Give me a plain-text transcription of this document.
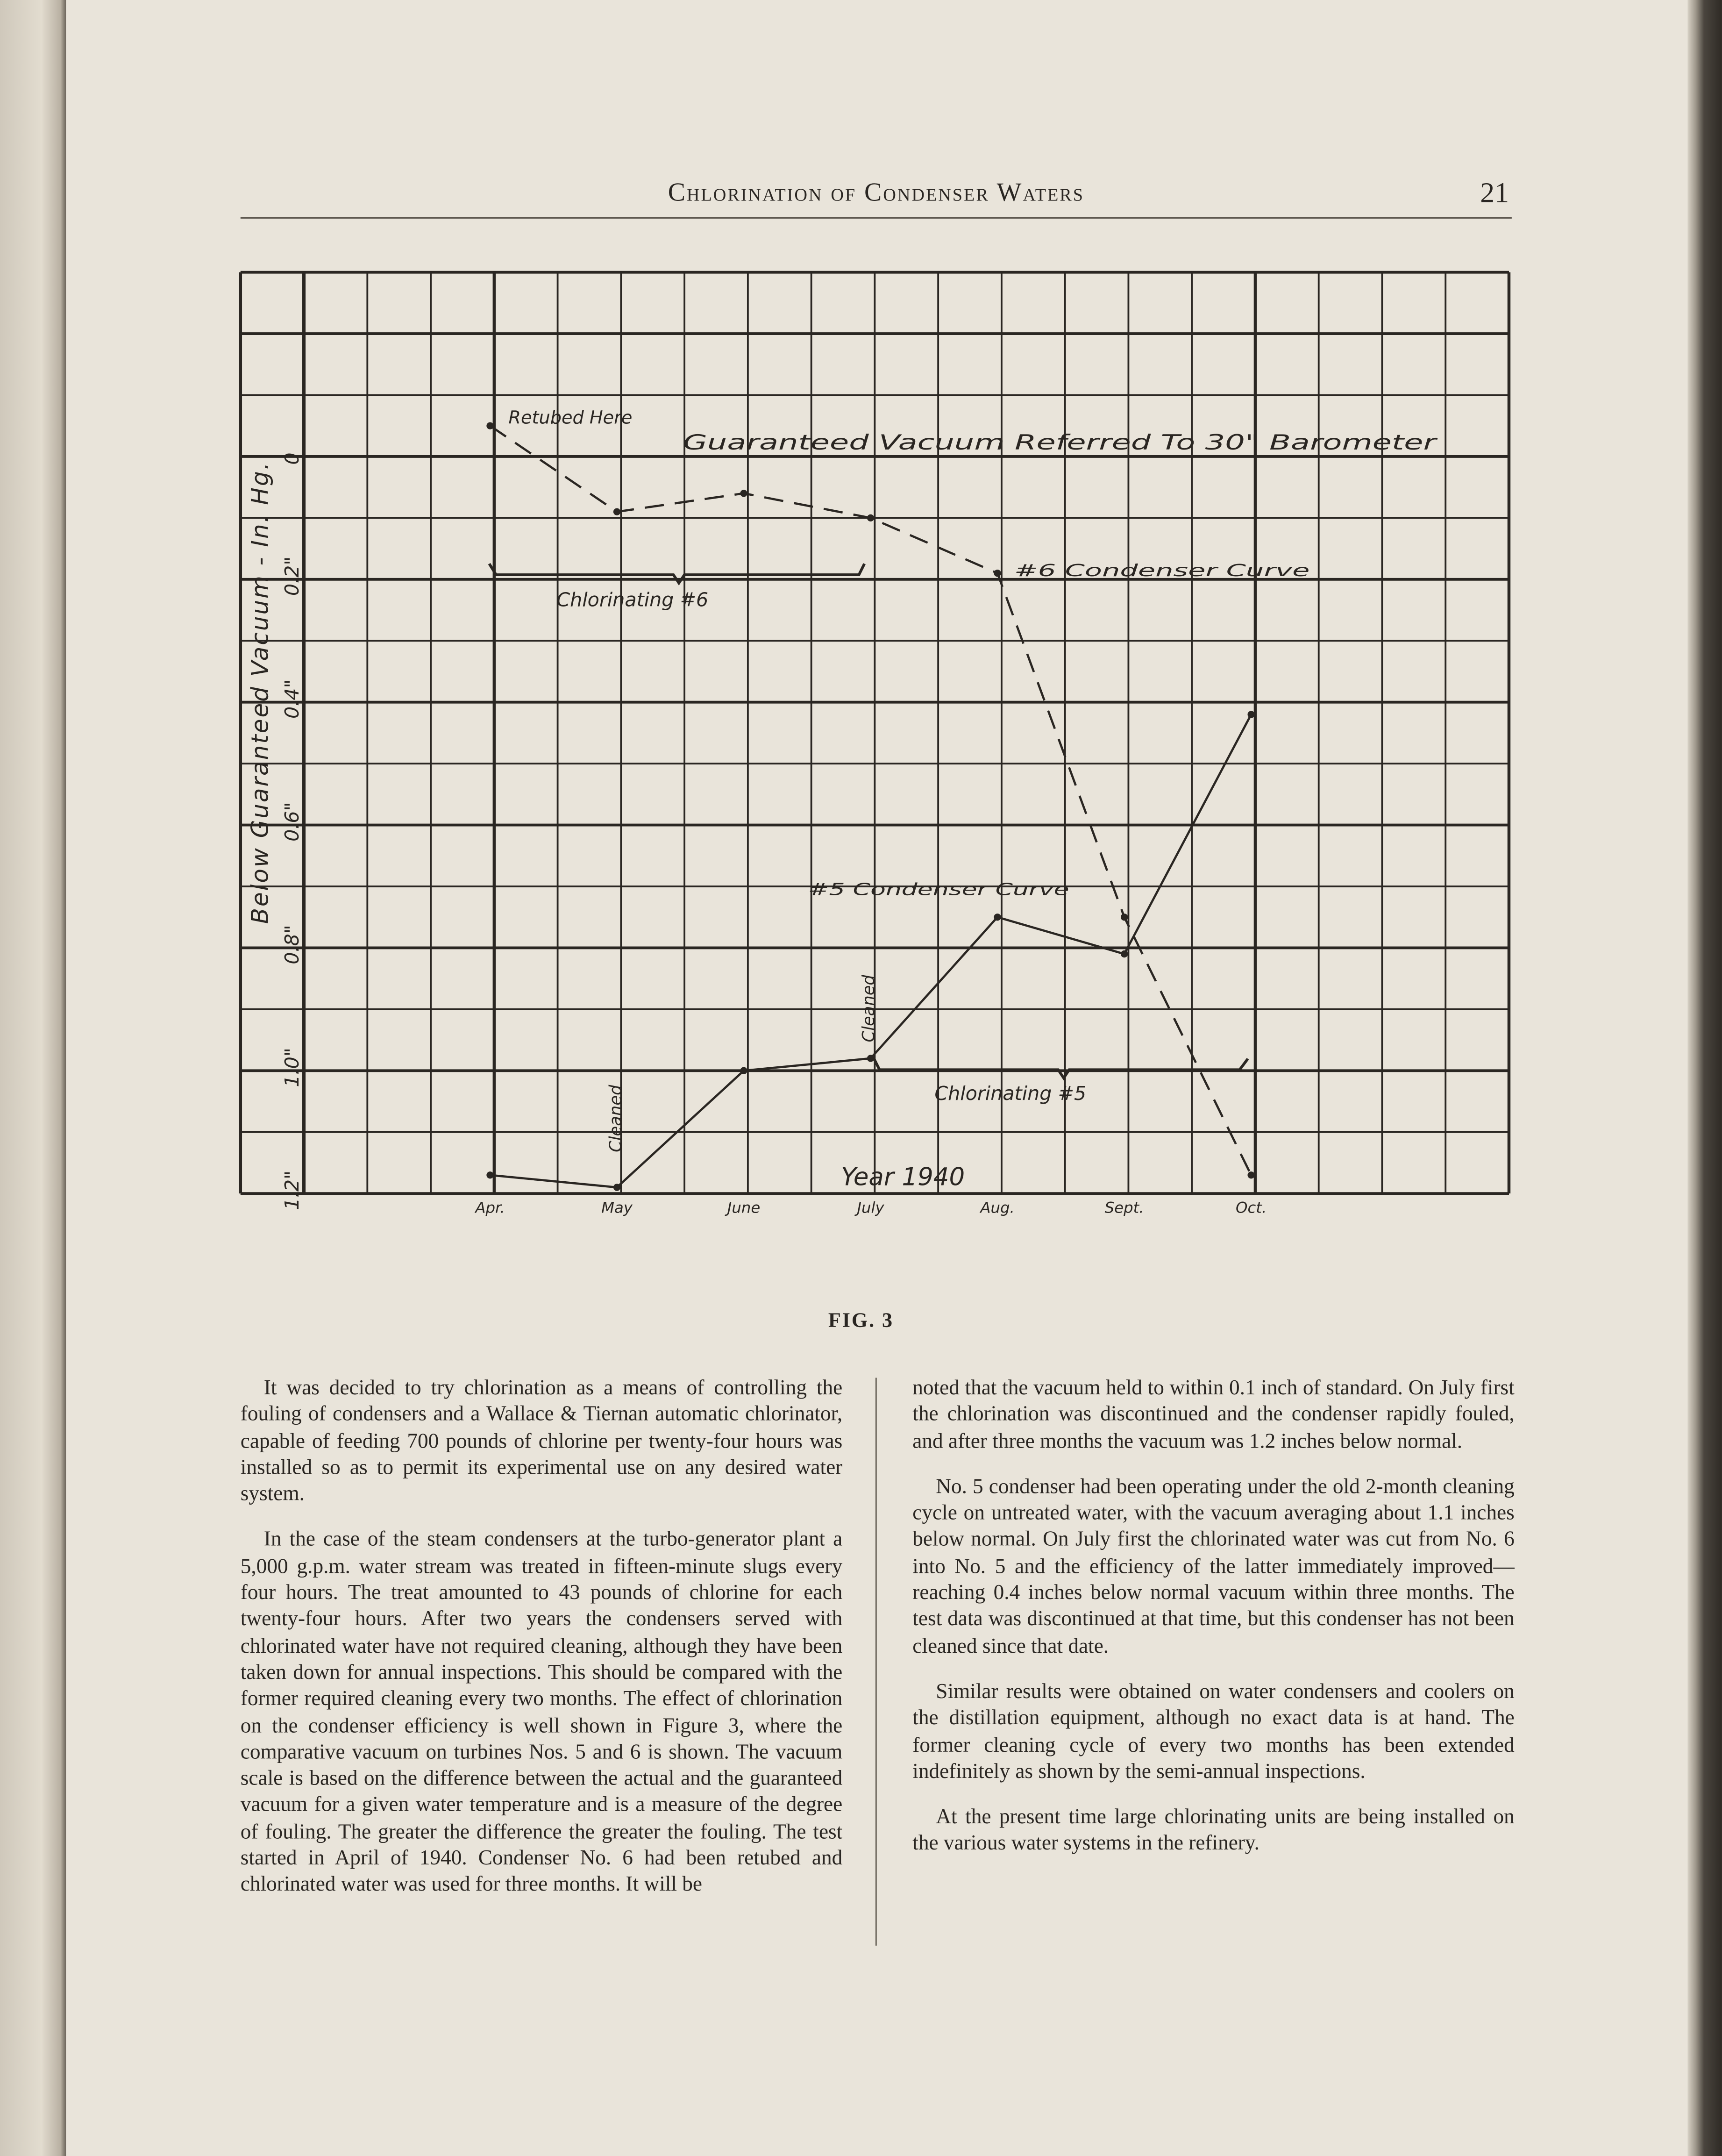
Chlorination of Condenser Waters	21
0
0.2"
0.4"
0.6"
0.8"
1.0"
1.2"
Below Guaranteed Vacuum - In. Hg.
Apr.	May	June	July	Aug.	Sept.	Oct.
Retubed Here
Guaranteed Vacuum Referred To 30" Barometer
Chlorinating #6
Chlorinating #5
#6 Condenser Curve
#5 Condenser Curve
Cleaned
Cleaned
Year 1940
FIG. 3

It was decided to try chlorination as a means of controlling the fouling of condensers and a Wallace & Tiernan automatic chlorinator, capable of feeding 700 pounds of chlorine per twenty-four hours was installed so as to permit its experimental use on any desired water system.

In the case of the steam condensers at the turbo-generator plant a 5,000 g.p.m. water stream was treated in fifteen-minute slugs every four hours. The treat amounted to 43 pounds of chlorine for each twenty-four hours. After two years the condensers served with chlorinated water have not required cleaning, although they have been taken down for annual inspections. This should be compared with the former required cleaning every two months. The effect of chlorination on the condenser efficiency is well shown in Figure 3, where the comparative vacuum on turbines Nos. 5 and 6 is shown. The vacuum scale is based on the difference between the actual and the guaranteed vacuum for a given water temperature and is a measure of the degree of fouling. The greater the difference the greater the fouling. The test started in April of 1940. Condenser No. 6 had been retubed and chlorinated water was used for three months. It will be

noted that the vacuum held to within 0.1 inch of standard. On July first the chlorination was discontinued and the condenser rapidly fouled, and after three months the vacuum was 1.2 inches below normal.

No. 5 condenser had been operating under the old 2-month cleaning cycle on untreated water, with the vacuum averaging about 1.1 inches below normal. On July first the chlorinated water was cut from No. 6 into No. 5 and the efficiency of the latter immediately improved—reaching 0.4 inches below normal vacuum within three months. The test data was discontinued at that time, but this condenser has not been cleaned since that date.

Similar results were obtained on water condensers and coolers on the distillation equipment, although no exact data is at hand. The former cleaning cycle of every two months has been extended indefinitely as shown by the semi-annual inspections.

At the present time large chlorinating units are being installed on the various water systems in the refinery.
